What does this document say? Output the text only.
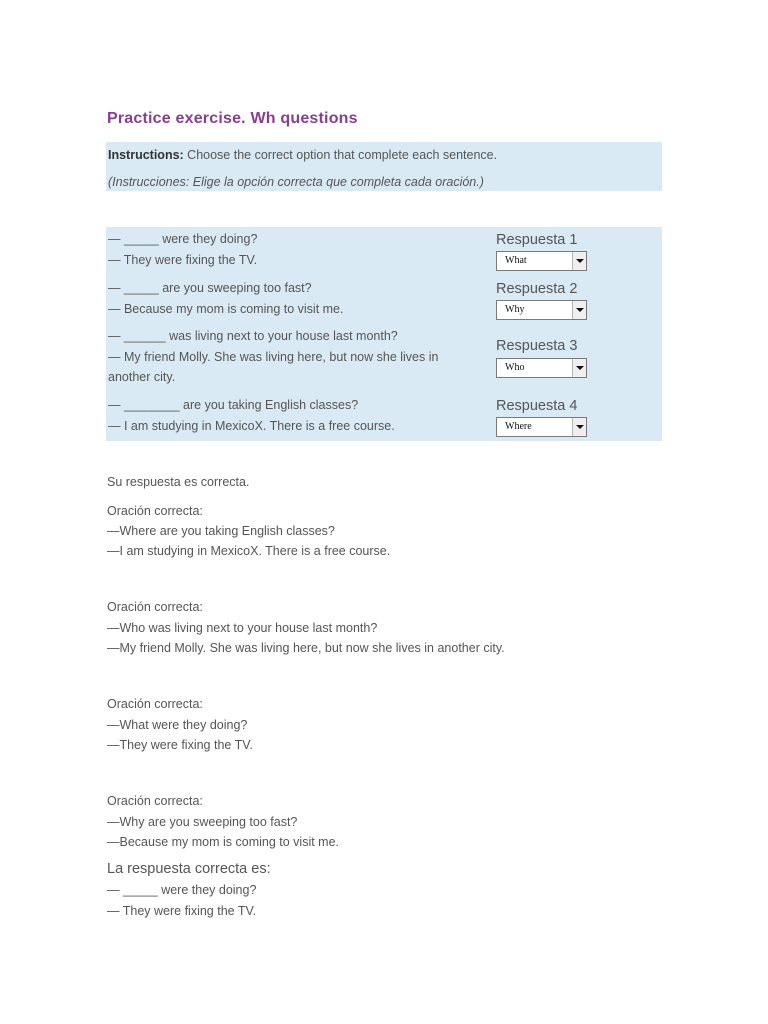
Practice exercise. Wh questions
Instructions: Choose the correct option that complete each sentence.
(Instrucciones: Elige la opción correcta que completa cada oración.)
— _____ were they doing?
— They were fixing the TV.
Respuesta 1
What
— _____ are you sweeping too fast?
— Because my mom is coming to visit me.
Respuesta 2
Why
— ______ was living next to your house last month?
— My friend Molly. She was living here, but now she lives in another city.
Respuesta 3
Who
— ________ are you taking English classes?
— I am studying in MexicoX. There is a free course.
Respuesta 4
Where
Su respuesta es correcta.
Oración correcta:
—Where are you taking English classes?
—I am studying in MexicoX. There is a free course.
Oración correcta:
—Who was living next to your house last month?
—My friend Molly. She was living here, but now she lives in another city.
Oración correcta:
—What were they doing?
—They were fixing the TV.
Oración correcta:
—Why are you sweeping too fast?
—Because my mom is coming to visit me.
La respuesta correcta es:
— _____ were they doing?
— They were fixing the TV.
